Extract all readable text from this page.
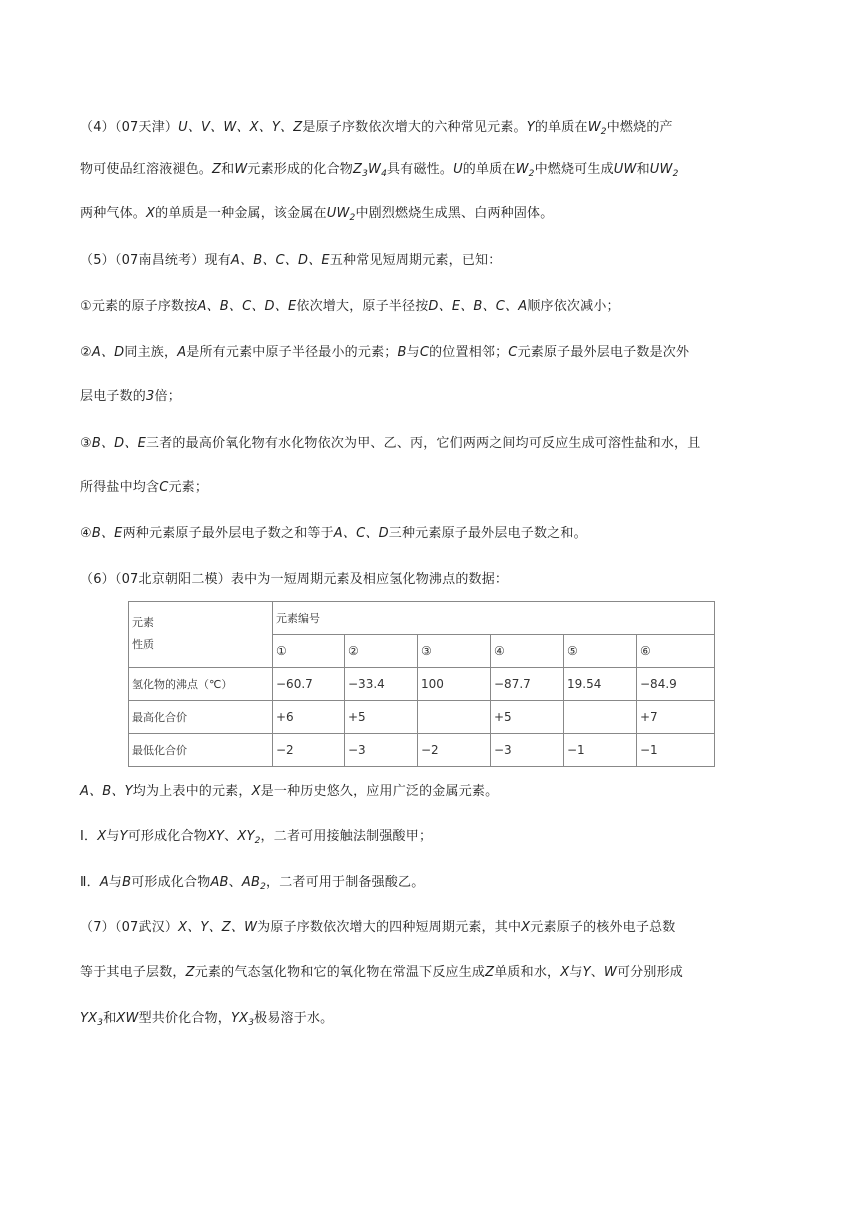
（4）（07天津）U、V、W、X、Y、Z是原子序数依次增大的六种常见元素。Y的单质在$W_2$中燃烧的产
物可使品红溶液褪色。Z和W元素形成的化合物$Z_3W_4$具有磁性。U的单质在$W_2$中燃烧可生成UW和$UW_2$
两种气体。X的单质是一种金属，该金属在$UW_2$中剧烈燃烧生成黑、白两种固体。
（5）（07南昌统考）现有A、B、C、D、E五种常见短周期元素，已知：
①元素的原子序数按A、B、C、D、E依次增大，原子半径按D、E、B、C、A顺序依次减小；
②A、D同主族，A是所有元素中原子半径最小的元素；B与C的位置相邻；C元素原子最外层电子数是次外
层电子数的3倍；
③B、D、E三者的最高价氧化物有水化物依次为甲、乙、丙，它们两两之间均可反应生成可溶性盐和水，且
所得盐中均含C元素；
④B、E两种元素原子最外层电子数之和等于A、C、D三种元素原子最外层电子数之和。
（6）（07北京朝阳二模）表中为一短周期元素及相应氢化物沸点的数据：
元素
性质	元素编号					
	①	②	③	④	⑤	⑥
氢化物的沸点（℃）	−60.7	−33.4	100	−87.7	19.54	−84.9
最高化合价	+6	+5		+5		+7
最低化合价	−2	−3	−2	−3	−1	−1
A、B、Y均为上表中的元素，X是一种历史悠久，应用广泛的金属元素。
Ⅰ．X与Y可形成化合物XY、$XY_2$，二者可用接触法制强酸甲；
Ⅱ．A与B可形成化合物AB、$AB_2$，二者可用于制备强酸乙。
（7）（07武汉）X、Y、Z、W为原子序数依次增大的四种短周期元素，其中X元素原子的核外电子总数
等于其电子层数，Z元素的气态氢化物和它的氧化物在常温下反应生成Z单质和水，X与Y、W可分别形成
$YX_3$和XW型共价化合物，$YX_3$极易溶于水。
